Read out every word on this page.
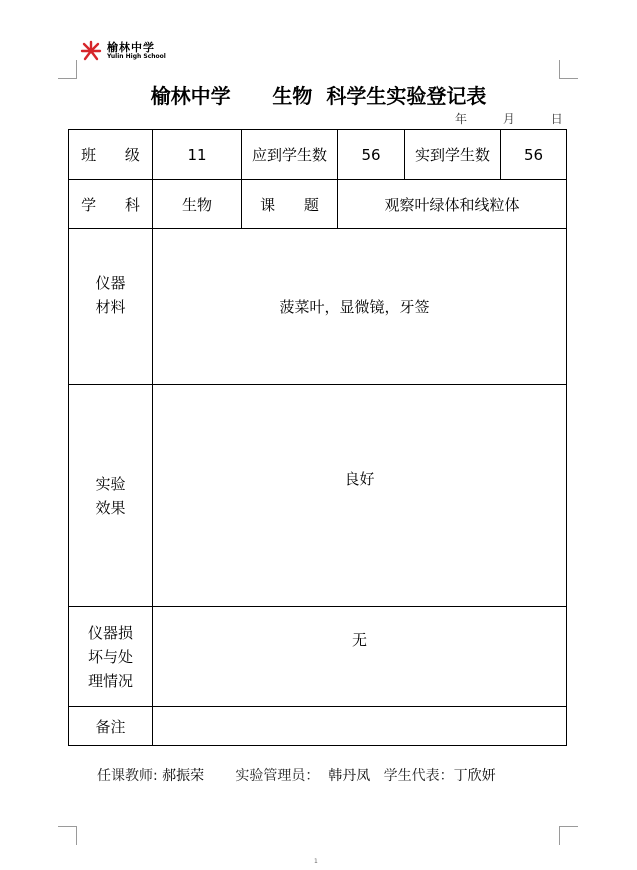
榆林中学
Yulin High School
榆林中学      生物  科学生实验登记表
年	月	日
班 级	11	应到学生数	56	实到学生数	56
学 科	生物	课 题	观察叶绿体和线粒体		

仪器
材料	菠菜叶，显微镜，牙签				

实验
效果	良好				

仪器损
坏与处
理情况	无				

备注					
任课教师: 郝振荣 实验管理员： 韩丹凤 学生代表：丁欣妍
1
